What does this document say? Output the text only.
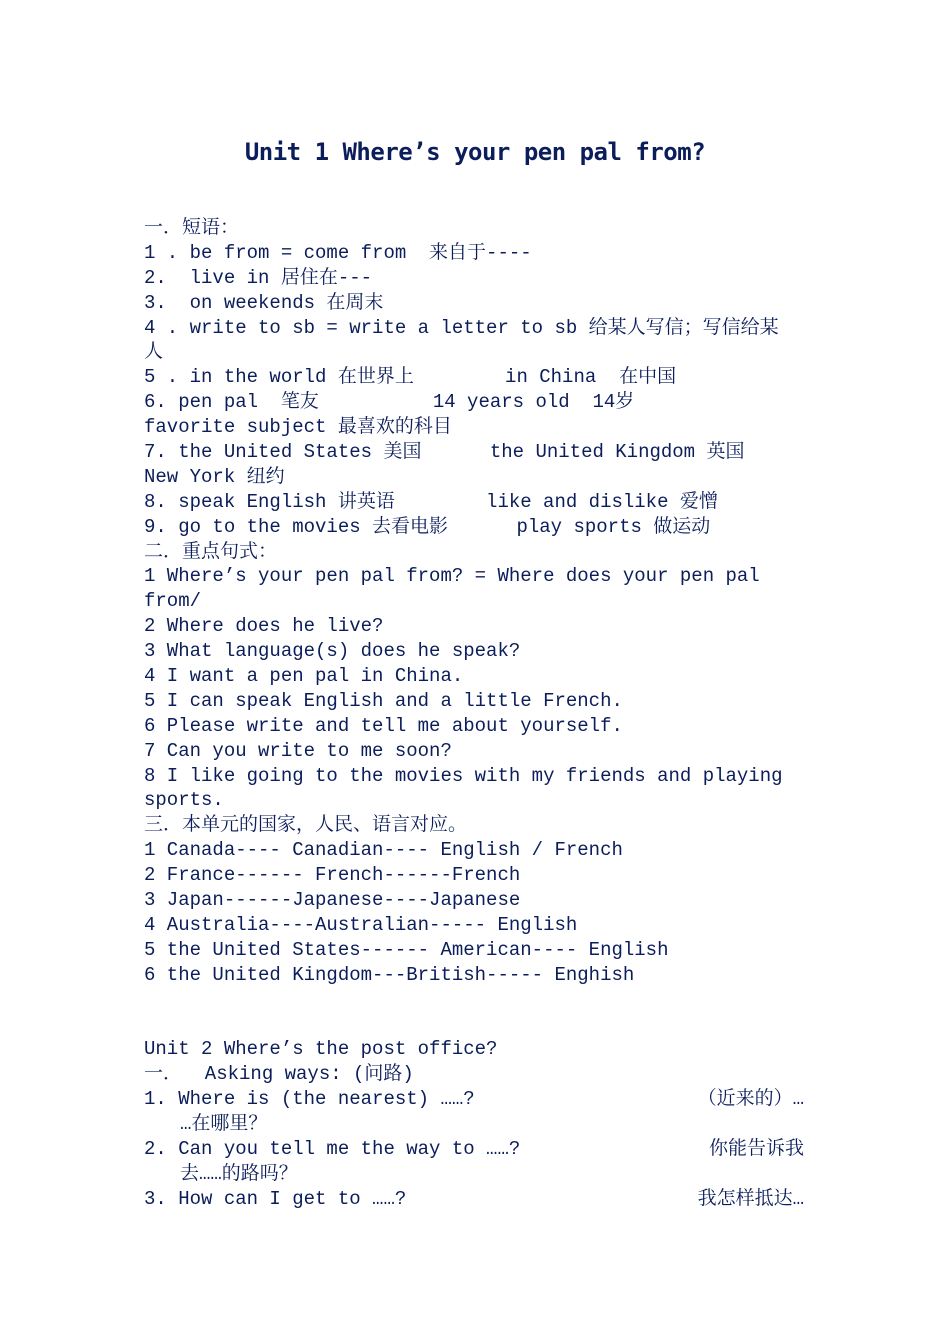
Unit 1 Where’s your pen pal from?
一．短语：
1 . be from = come from  来自于----
2.  live in 居住在---
3.  on weekends 在周末
4 . write to sb = write a letter to sb 给某人写信；写信给某
人
5 . in the world 在世界上        in China  在中国
6. pen pal  笔友          14 years old  14岁
favorite subject 最喜欢的科目
7. the United States 美国      the United Kingdom 英国
New York 纽约
8. speak English 讲英语        like and dislike 爱憎
9. go to the movies 去看电影      play sports 做运动
二．重点句式：
1 Where’s your pen pal from? = Where does your pen pal
from/
2 Where does he live?
3 What language(s) does he speak?
4 I want a pen pal in China.
5 I can speak English and a little French.
6 Please write and tell me about yourself.
7 Can you write to me soon?
8 I like going to the movies with my friends and playing
sports.
三．本单元的国家，人民、语言对应。
1 Canada---- Canadian---- English / French
2 France------ French------French
3 Japan------Japanese----Japanese
4 Australia----Australian----- English
5 the United States------ American---- English
6 the United Kingdom---British----- Enghish
Unit 2 Where’s the post office?
一．  Asking ways: (问路)
1. Where is (the nearest) ……?	（近来的）…
…在哪里？
2. Can you tell me the way to ……?	你能告诉我
去……的路吗？
3. How can I get to ……?	我怎样抵达…
